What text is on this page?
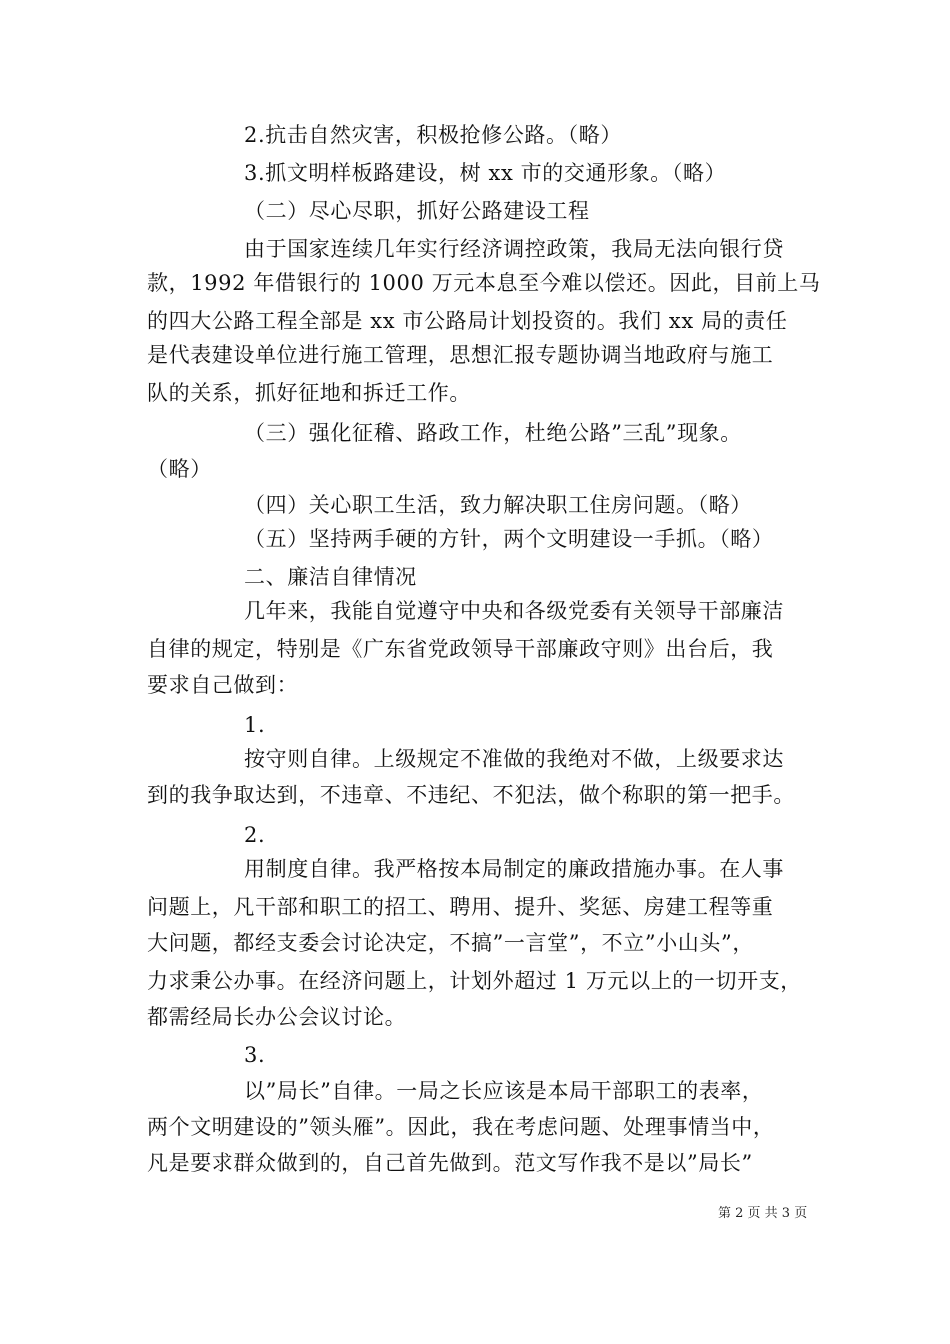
2.抗击自然灾害，积极抢修公路。（略）

3.抓文明样板路建设，树 xx 市的交通形象。（略）

（二）尽心尽职，抓好公路建设工程

由于国家连续几年实行经济调控政策，我局无法向银行贷

款，1992 年借银行的 1000 万元本息至今难以偿还。因此，目前上马

的四大公路工程全部是 xx 市公路局计划投资的。我们 xx 局的责任

是代表建设单位进行施工管理，思想汇报专题协调当地政府与施工

队的关系，抓好征地和拆迁工作。

（三）强化征稽、路政工作，杜绝公路”三乱”现象。

（略）

（四）关心职工生活，致力解决职工住房问题。（略）

（五）坚持两手硬的方针，两个文明建设一手抓。（略）

二、廉洁自律情况

几年来，我能自觉遵守中央和各级党委有关领导干部廉洁

自律的规定，特别是《广东省党政领导干部廉政守则》出台后，我

要求自己做到：

1.

按守则自律。上级规定不准做的我绝对不做，上级要求达

到的我争取达到，不违章、不违纪、不犯法，做个称职的第一把手。

2.

用制度自律。我严格按本局制定的廉政措施办事。在人事

问题上，凡干部和职工的招工、聘用、提升、奖惩、房建工程等重

大问题，都经支委会讨论决定，不搞”一言堂”，不立”小山头”，

力求秉公办事。在经济问题上，计划外超过 1 万元以上的一切开支，

都需经局长办公会议讨论。

3.

以”局长”自律。一局之长应该是本局干部职工的表率，

两个文明建设的”领头雁”。因此，我在考虑问题、处理事情当中，

凡是要求群众做到的，自己首先做到。范文写作我不是以”局长”

第 2 页 共 3 页
